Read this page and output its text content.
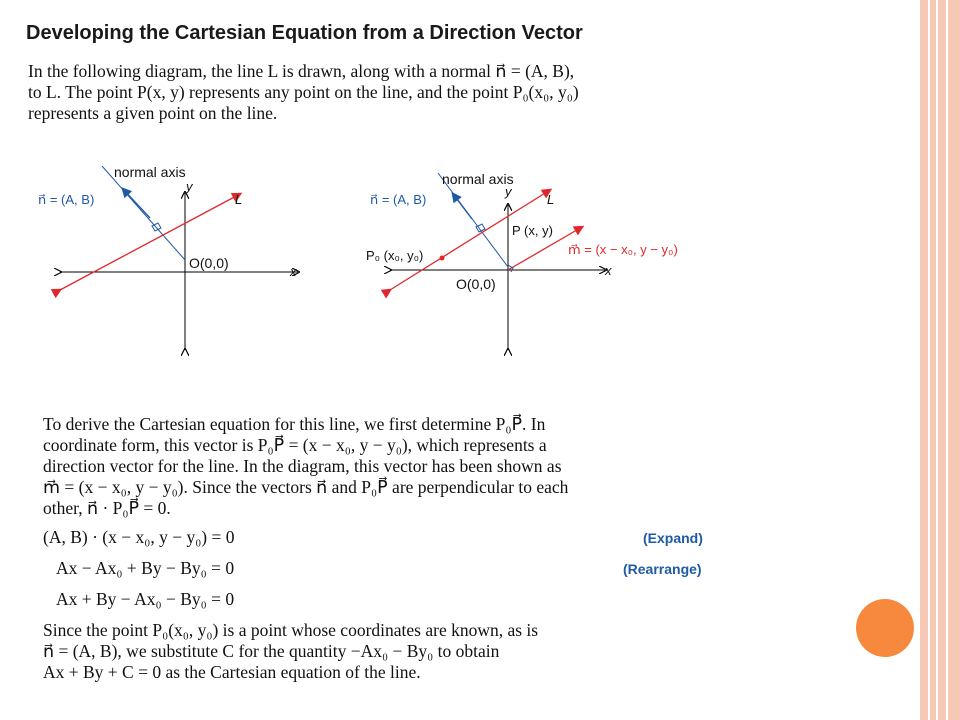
Developing the Cartesian Equation from a Direction Vector
In the following diagram, the line L is drawn, along with a normal n⃗ = (A, B),
to L. The point P(x, y) represents any point on the line, and the point P₀(x₀, y₀)
represents a given point on the line.
normal axis
y
x
L
n⃗ = (A, B)
O(0,0)
normal axis
y
x
L
n⃗ = (A, B)
P (x, y)
P₀ (x₀, y₀)	m⃗ = (x − x₀, y − y₀)
O(0,0)
To derive the Cartesian equation for this line, we first determine P₀P⃗. In
coordinate form, this vector is P₀P⃗ = (x − x₀, y − y₀), which represents a
direction vector for the line. In the diagram, this vector has been shown as
m⃗ = (x − x₀, y − y₀). Since the vectors n⃗ and P₀P⃗ are perpendicular to each
other, n⃗ · P₀P⃗ = 0.
(A, B) · (x − x₀, y − y₀) = 0	(Expand)
Ax − Ax₀ + By − By₀ = 0	(Rearrange)
Ax + By − Ax₀ − By₀ = 0
Since the point P₀(x₀, y₀) is a point whose coordinates are known, as is
n⃗ = (A, B), we substitute C for the quantity −Ax₀ − By₀ to obtain
Ax + By + C = 0 as the Cartesian equation of the line.
